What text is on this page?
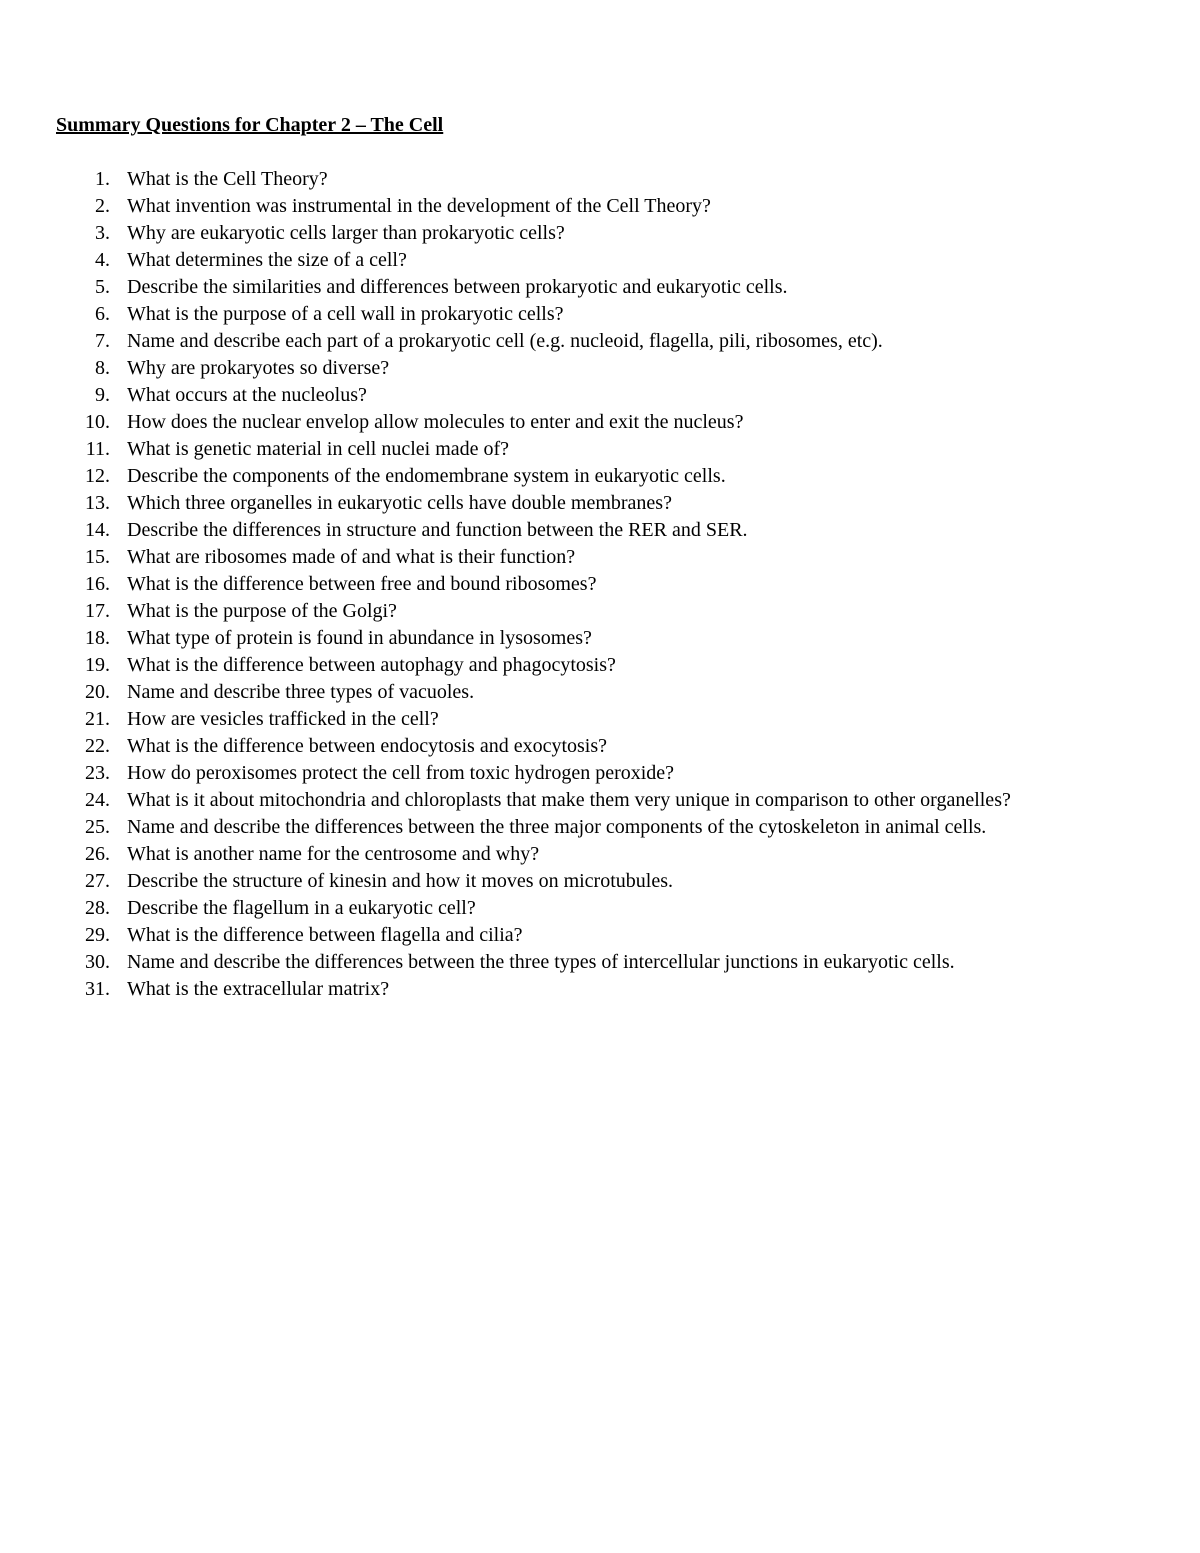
Summary Questions for Chapter 2 – The Cell
1. What is the Cell Theory?
2. What invention was instrumental in the development of the Cell Theory?
3. Why are eukaryotic cells larger than prokaryotic cells?
4. What determines the size of a cell?
5. Describe the similarities and differences between prokaryotic and eukaryotic cells.
6. What is the purpose of a cell wall in prokaryotic cells?
7. Name and describe each part of a prokaryotic cell (e.g. nucleoid, flagella, pili, ribosomes, etc).
8. Why are prokaryotes so diverse?
9. What occurs at the nucleolus?
10. How does the nuclear envelop allow molecules to enter and exit the nucleus?
11. What is genetic material in cell nuclei made of?
12. Describe the components of the endomembrane system in eukaryotic cells.
13. Which three organelles in eukaryotic cells have double membranes?
14. Describe the differences in structure and function between the RER and SER.
15. What are ribosomes made of and what is their function?
16. What is the difference between free and bound ribosomes?
17. What is the purpose of the Golgi?
18. What type of protein is found in abundance in lysosomes?
19. What is the difference between autophagy and phagocytosis?
20. Name and describe three types of vacuoles.
21. How are vesicles trafficked in the cell?
22. What is the difference between endocytosis and exocytosis?
23. How do peroxisomes protect the cell from toxic hydrogen peroxide?
24. What is it about mitochondria and chloroplasts that make them very unique in comparison to other organelles?
25. Name and describe the differences between the three major components of the cytoskeleton in animal cells.
26. What is another name for the centrosome and why?
27. Describe the structure of kinesin and how it moves on microtubules.
28. Describe the flagellum in a eukaryotic cell?
29. What is the difference between flagella and cilia?
30. Name and describe the differences between the three types of intercellular junctions in eukaryotic cells.
31. What is the extracellular matrix?
